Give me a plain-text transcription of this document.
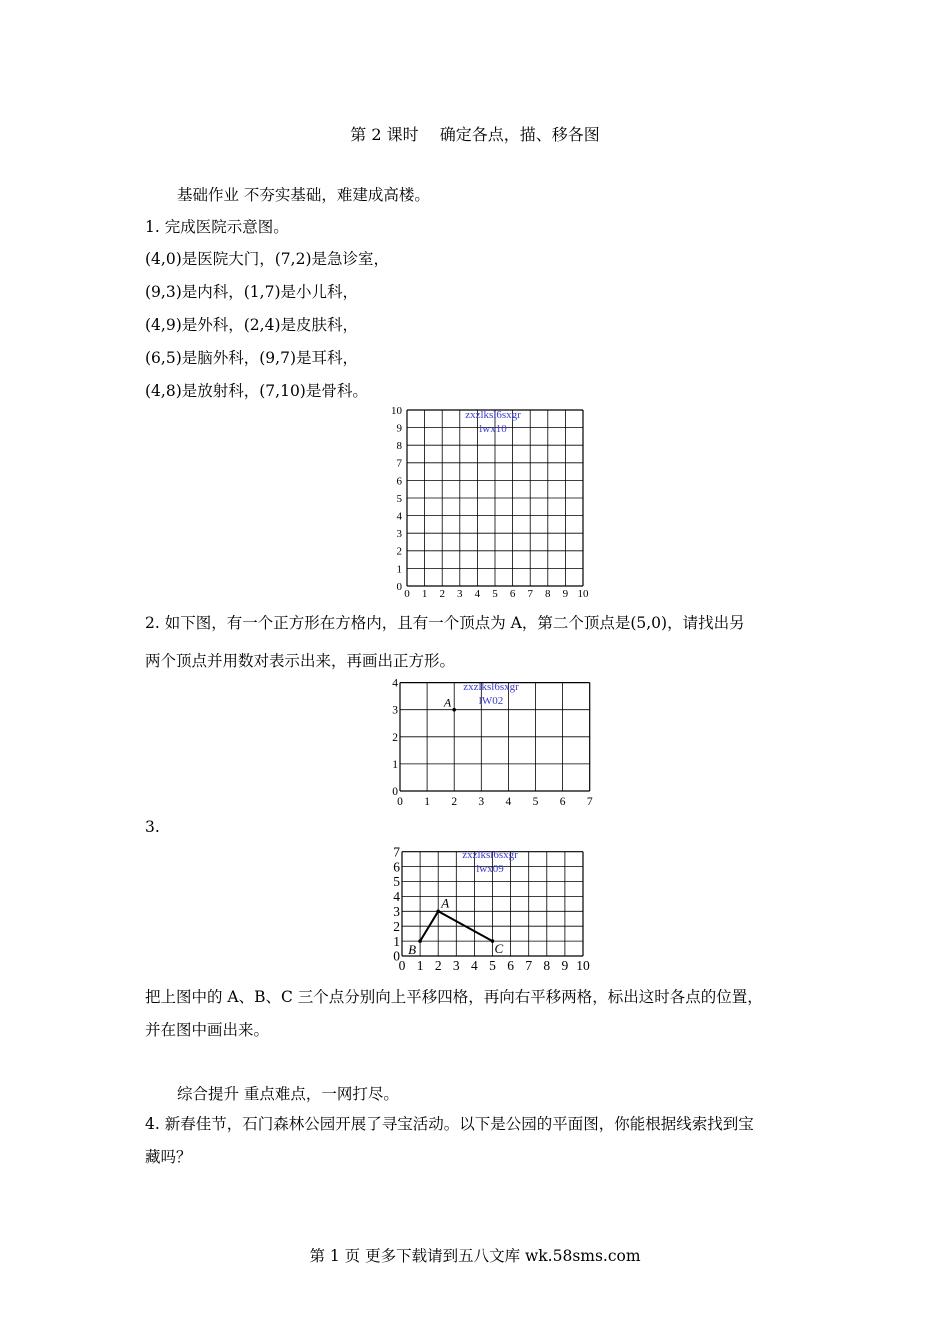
第 2 课时　 确定各点，描、移各图
基础作业 不夯实基础，难建成高楼。
1. 完成医院示意图。
(4,0)是医院大门，(7,2)是急诊室，
(9,3)是内科，(1,7)是小儿科，
(4,9)是外科，(2,4)是皮肤科，
(6,5)是脑外科，(9,7)是耳科，
(4,8)是放射科，(7,10)是骨科。
0 1 2 3 4 5 6 7 8 9 10
0
1
2
3
4
5
6
7
8
9
10	zxzlksl6sxgr
lwx10
2. 如下图，有一个正方形在方格内，且有一个顶点为 A，第二个顶点是(5,0)，请找出另
两个顶点并用数对表示出来，再画出正方形。
0 1 2 3 4 5 6 7
0
1
2
3
4	zxzlksl6sxgr
lW02
A
3.
0 1 2 3 4 5 6 7 8 9 10
0
1
2
3
4
5
6
7	zxzlksl6sxgr
lwx09
A
B	C
把上图中的 A、B、C 三个点分别向上平移四格，再向右平移两格，标出这时各点的位置，
并在图中画出来。
综合提升 重点难点，一网打尽。
4. 新春佳节，石门森林公园开展了寻宝活动。以下是公园的平面图，你能根据线索找到宝
藏吗？
第 1 页 更多下载请到五八文库 wk.58sms.com
